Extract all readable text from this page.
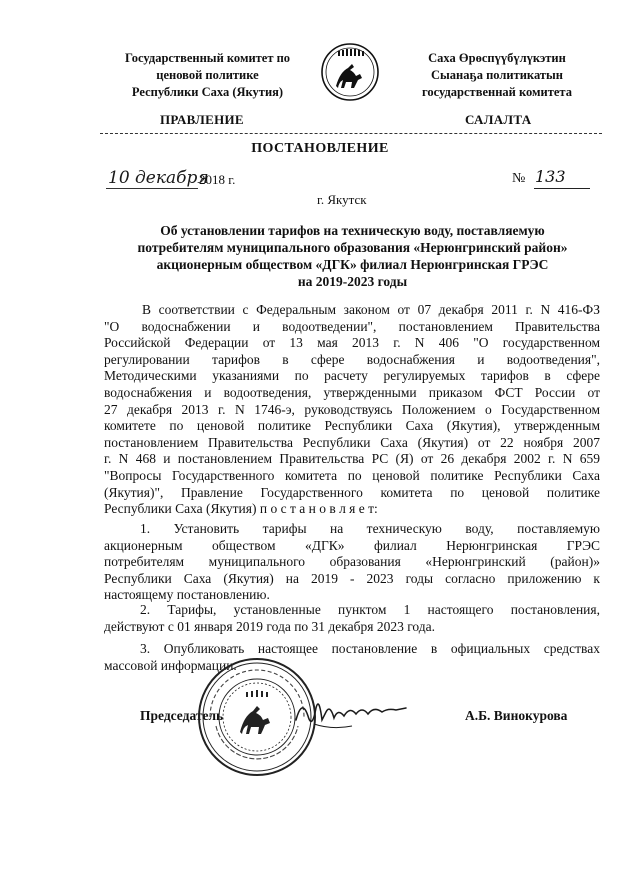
Государственный комитет по
ценовой политике
Республики Саха (Якутия)
Саха Өрөспүүбүлүкэтин
Сыанаҕа политикатын
государственнай комитета
ПРАВЛЕНИЕ	САЛАЛТА
ПОСТАНОВЛЕНИЕ
10 декабря
2018 г.	№ 133
г. Якутск
Об установлении тарифов на техническую воду, поставляемую
потребителям муниципального образования «Нерюнгринский район»
акционерным обществом «ДГК» филиал Нерюнгринская ГРЭС
на 2019-2023 годы
В соответствии с Федеральным законом от 07 декабря 2011 г. N 416-ФЗ
"О водоснабжении и водоотведении", постановлением Правительства
Российской Федерации от 13 мая 2013 г. N 406 "О государственном
регулировании тарифов в сфере водоснабжения и водоотведения",
Методическими указаниями по расчету регулируемых тарифов в сфере
водоснабжения и водоотведения, утвержденными приказом ФСТ России от
27 декабря 2013 г. N 1746-э, руководствуясь Положением о Государственном
комитете по ценовой политике Республики Саха (Якутия), утвержденным
постановлением Правительства Республики Саха (Якутия) от 22 ноября 2007
г. N 468 и постановлением Правительства РС (Я) от 26 декабря 2002 г. N 659
"Вопросы Государственного комитета по ценовой политике Республики Саха
(Якутия)", Правление Государственного комитета по ценовой политике
Республики Саха (Якутия) п о с т а н о в л я е т:
1. Установить тарифы на техническую воду, поставляемую
акционерным обществом «ДГК» филиал Нерюнгринская ГРЭС
потребителям муниципального образования «Нерюнгринский (район)»
Республики Саха (Якутия) на 2019 - 2023 годы согласно приложению к
настоящему постановлению.
2. Тарифы, установленные пунктом 1 настоящего постановления,
действуют с 01 января 2019 года по 31 декабря 2023 года.
3. Опубликовать настоящее постановление в официальных средствах
массовой информации.
Председатель	А.Б. Винокурова
